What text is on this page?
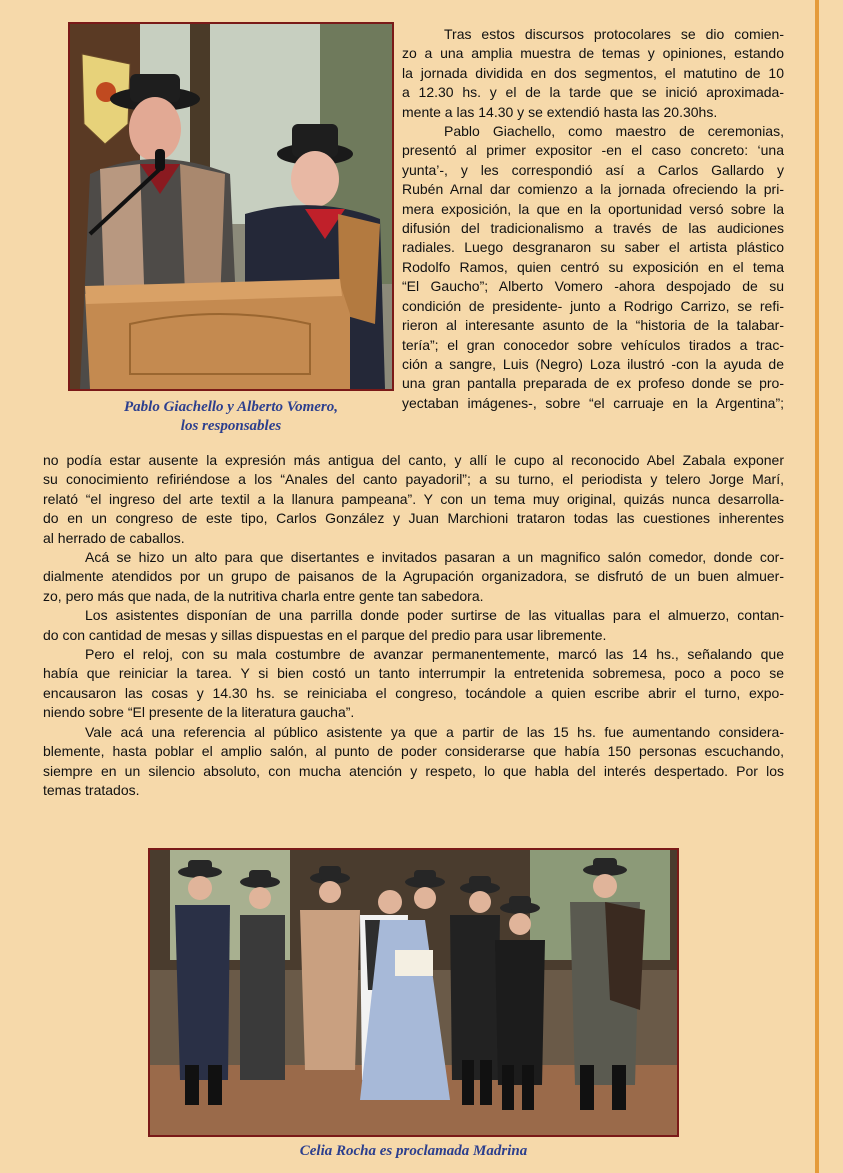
Pablo Giachello y Alberto Vomero,
los responsables
Tras estos discursos protocolares se dio comien-
zo a una amplia muestra de temas y opiniones, estando
la jornada dividida en dos segmentos, el matutino de 10
a 12.30 hs. y el de la tarde que se inició aproximada-
mente a las 14.30 y se extendió hasta las 20.30hs.
Pablo Giachello, como maestro de ceremonias,
presentó al primer expositor -en el caso concreto: ‘una
yunta’-, y les correspondió así a Carlos Gallardo y
Rubén Arnal dar comienzo a la jornada ofreciendo la pri-
mera exposición, la que en la oportunidad versó sobre la
difusión del tradicionalismo a través de las audiciones
radiales. Luego desgranaron su saber el artista plástico
Rodolfo Ramos, quien centró su exposición en el tema
“El Gaucho”; Alberto Vomero -ahora despojado de su
condición de presidente- junto a Rodrigo Carrizo, se refi-
rieron al interesante asunto de la “historia de la talabar-
tería”; el gran conocedor sobre vehículos tirados a trac-
ción a sangre, Luis (Negro) Loza ilustró -con la ayuda de
una gran pantalla preparada de ex profeso donde se pro-
yectaban imágenes-, sobre “el carruaje en la Argentina”;
no podía estar ausente la expresión más antigua del canto, y allí le cupo al reconocido Abel Zabala exponer
su conocimiento refiriéndose a los “Anales del canto payadoril”; a su turno, el periodista y telero Jorge Marí,
relató “el ingreso del arte textil a la llanura pampeana”. Y con un tema muy original, quizás nunca desarrolla-
do en un congreso de este tipo, Carlos González y Juan Marchioni trataron todas las cuestiones inherentes
al herrado de caballos.
Acá se hizo un alto para que disertantes e invitados pasaran a un magnifico salón comedor, donde cor-
dialmente atendidos por un grupo de paisanos de la Agrupación organizadora, se disfrutó de un buen almuer-
zo, pero más que nada, de la nutritiva charla entre gente tan sabedora.
Los asistentes disponían de una parrilla donde poder surtirse de las vituallas para el almuerzo, contan-
do con cantidad de mesas y sillas dispuestas en el parque del predio para usar libremente.
Pero el reloj, con su mala costumbre de avanzar permanentemente, marcó las 14 hs., señalando que
había que reiniciar la tarea. Y si bien costó un tanto interrumpir la entretenida sobremesa, poco a poco se
encausaron las cosas y 14.30 hs. se reiniciaba el congreso, tocándole a quien escribe abrir el turno, expo-
niendo sobre “El presente de la literatura gaucha”.
Vale acá una referencia al público asistente ya que a partir de las 15 hs. fue aumentando considera-
blemente, hasta poblar el amplio salón, al punto de poder considerarse que había 150 personas escuchando,
siempre en un silencio absoluto, con mucha atención y respeto, lo que habla del interés despertado. Por los
temas tratados.
Celia Rocha es proclamada Madrina
